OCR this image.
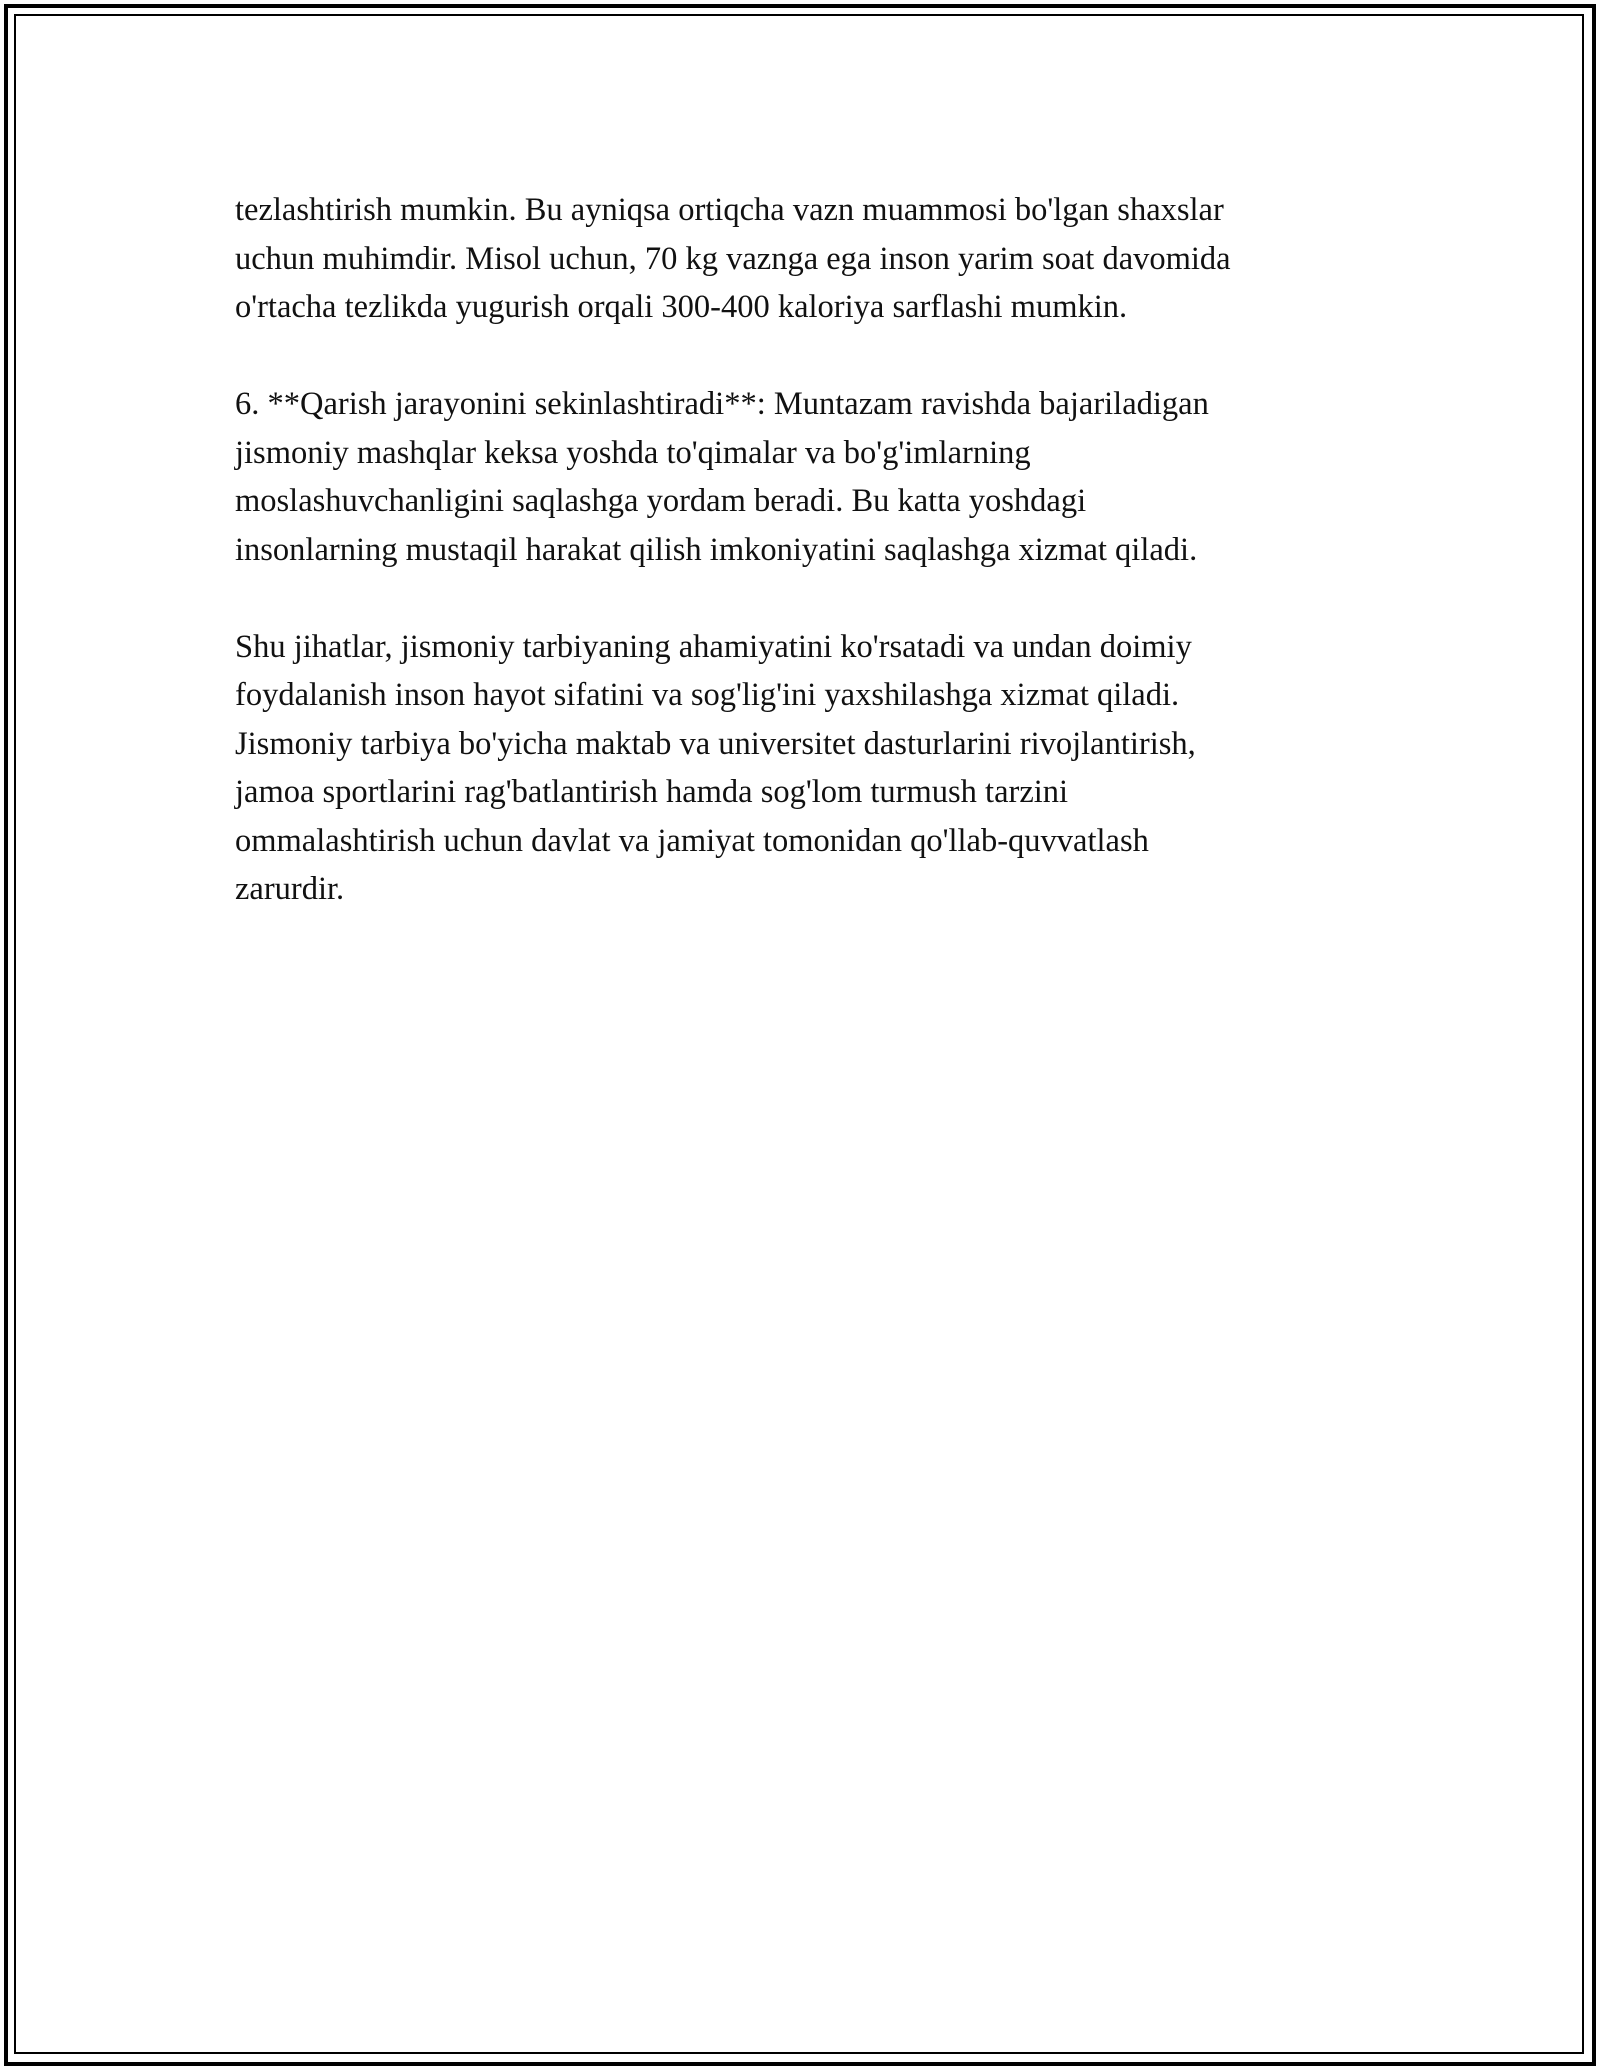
tezlashtirish mumkin. Bu ayniqsa ortiqcha vazn muammosi bo'lgan shaxslar
uchun muhimdir. Misol uchun, 70 kg vaznga ega inson yarim soat davomida
o'rtacha tezlikda yugurish orqali 300-400 kaloriya sarflashi mumkin.

6. **Qarish jarayonini sekinlashtiradi**: Muntazam ravishda bajariladigan
jismoniy mashqlar keksa yoshda to'qimalar va bo'g'imlarning
moslashuvchanligini saqlashga yordam beradi. Bu katta yoshdagi
insonlarning mustaqil harakat qilish imkoniyatini saqlashga xizmat qiladi.

Shu jihatlar, jismoniy tarbiyaning ahamiyatini ko'rsatadi va undan doimiy
foydalanish inson hayot sifatini va sog'lig'ini yaxshilashga xizmat qiladi.
Jismoniy tarbiya bo'yicha maktab va universitet dasturlarini rivojlantirish,
jamoa sportlarini rag'batlantirish hamda sog'lom turmush tarzini
ommalashtirish uchun davlat va jamiyat tomonidan qo'llab-quvvatlash
zarurdir.
